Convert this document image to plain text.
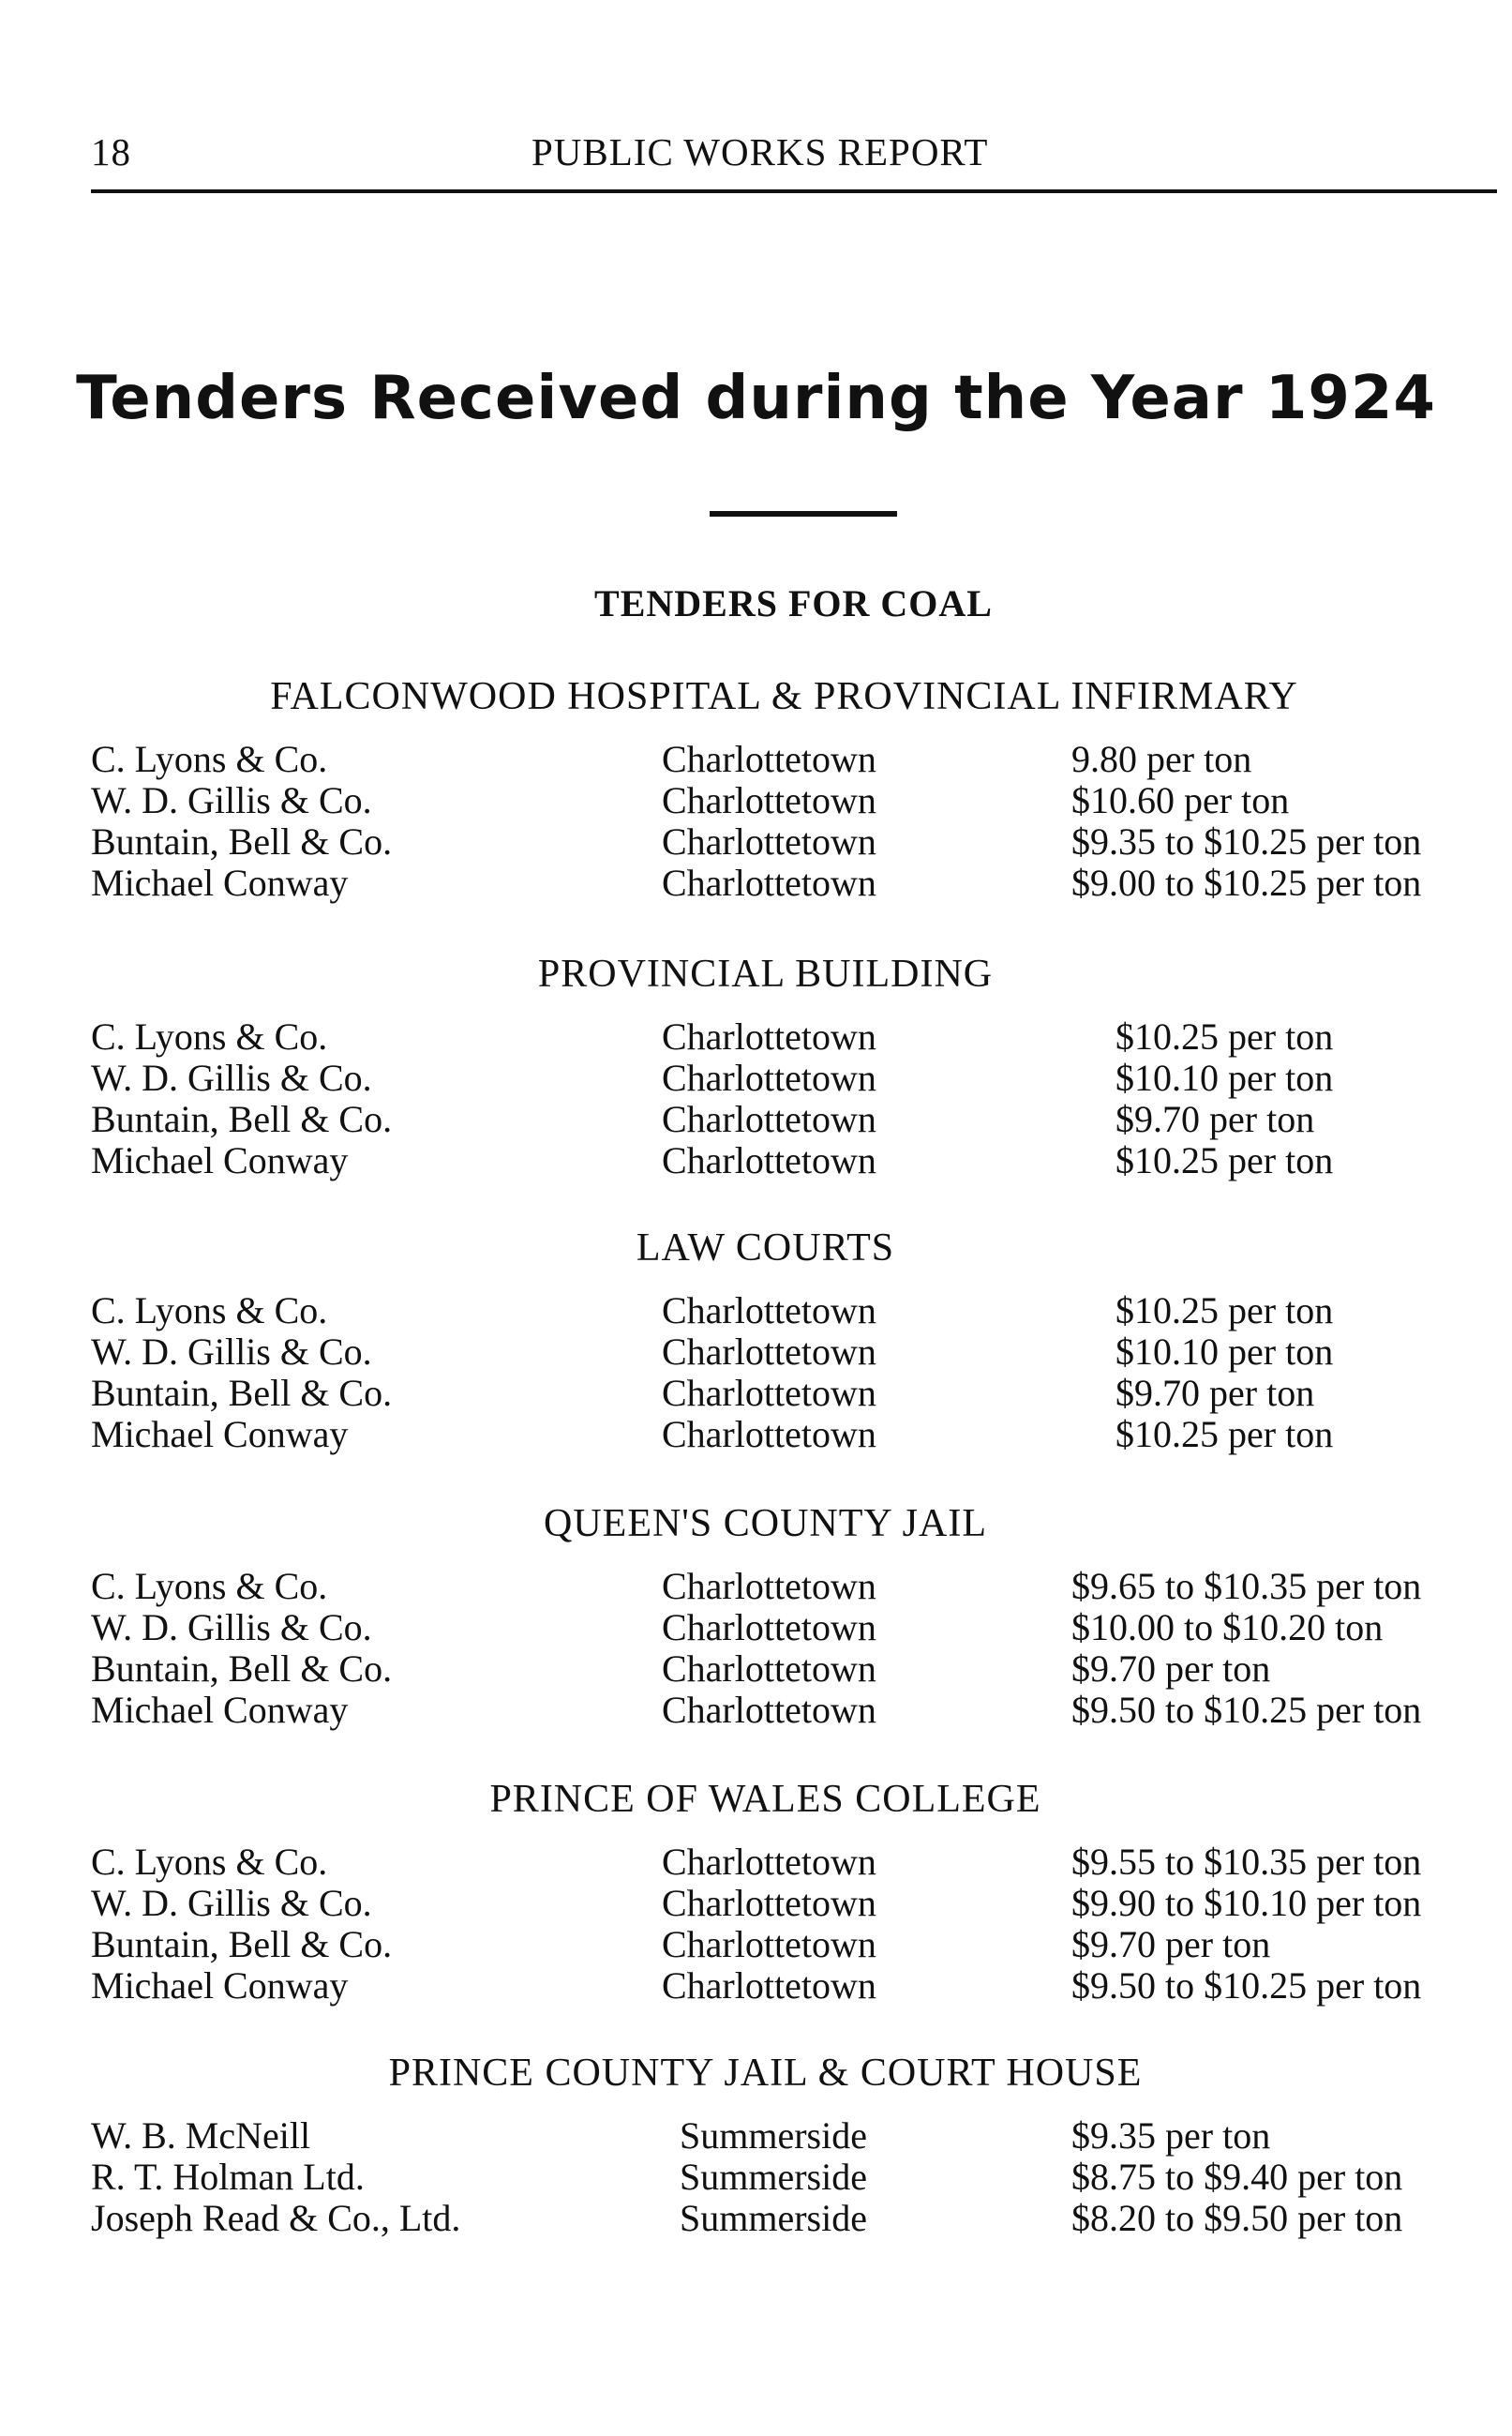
18	PUBLIC WORKS REPORT
Tenders Received during the Year 1924
TENDERS FOR COAL
FALCONWOOD HOSPITAL & PROVINCIAL INFIRMARY
C. Lyons & Co.	Charlottetown	9.80 per ton
W. D. Gillis & Co.	Charlottetown	$10.60 per ton
Buntain, Bell & Co.	Charlottetown	$9.35 to $10.25 per ton
Michael Conway	Charlottetown	$9.00 to $10.25 per ton
PROVINCIAL BUILDING
C. Lyons & Co.	Charlottetown	$10.25 per ton
W. D. Gillis & Co.	Charlottetown	$10.10 per ton
Buntain, Bell & Co.	Charlottetown	$9.70 per ton
Michael Conway	Charlottetown	$10.25 per ton
LAW COURTS
C. Lyons & Co.	Charlottetown	$10.25 per ton
W. D. Gillis & Co.	Charlottetown	$10.10 per ton
Buntain, Bell & Co.	Charlottetown	$9.70 per ton
Michael Conway	Charlottetown	$10.25 per ton
QUEEN'S COUNTY JAIL
C. Lyons & Co.	Charlottetown	$9.65 to $10.35 per ton
W. D. Gillis & Co.	Charlottetown	$10.00 to $10.20 ton
Buntain, Bell & Co.	Charlottetown	$9.70 per ton
Michael Conway	Charlottetown	$9.50 to $10.25 per ton
PRINCE OF WALES COLLEGE
C. Lyons & Co.	Charlottetown	$9.55 to $10.35 per ton
W. D. Gillis & Co.	Charlottetown	$9.90 to $10.10 per ton
Buntain, Bell & Co.	Charlottetown	$9.70 per ton
Michael Conway	Charlottetown	$9.50 to $10.25 per ton
PRINCE COUNTY JAIL & COURT HOUSE
W. B. McNeill	Summerside	$9.35 per ton
R. T. Holman Ltd.	Summerside	$8.75 to $9.40 per ton
Joseph Read & Co., Ltd.	Summerside	$8.20 to $9.50 per ton
